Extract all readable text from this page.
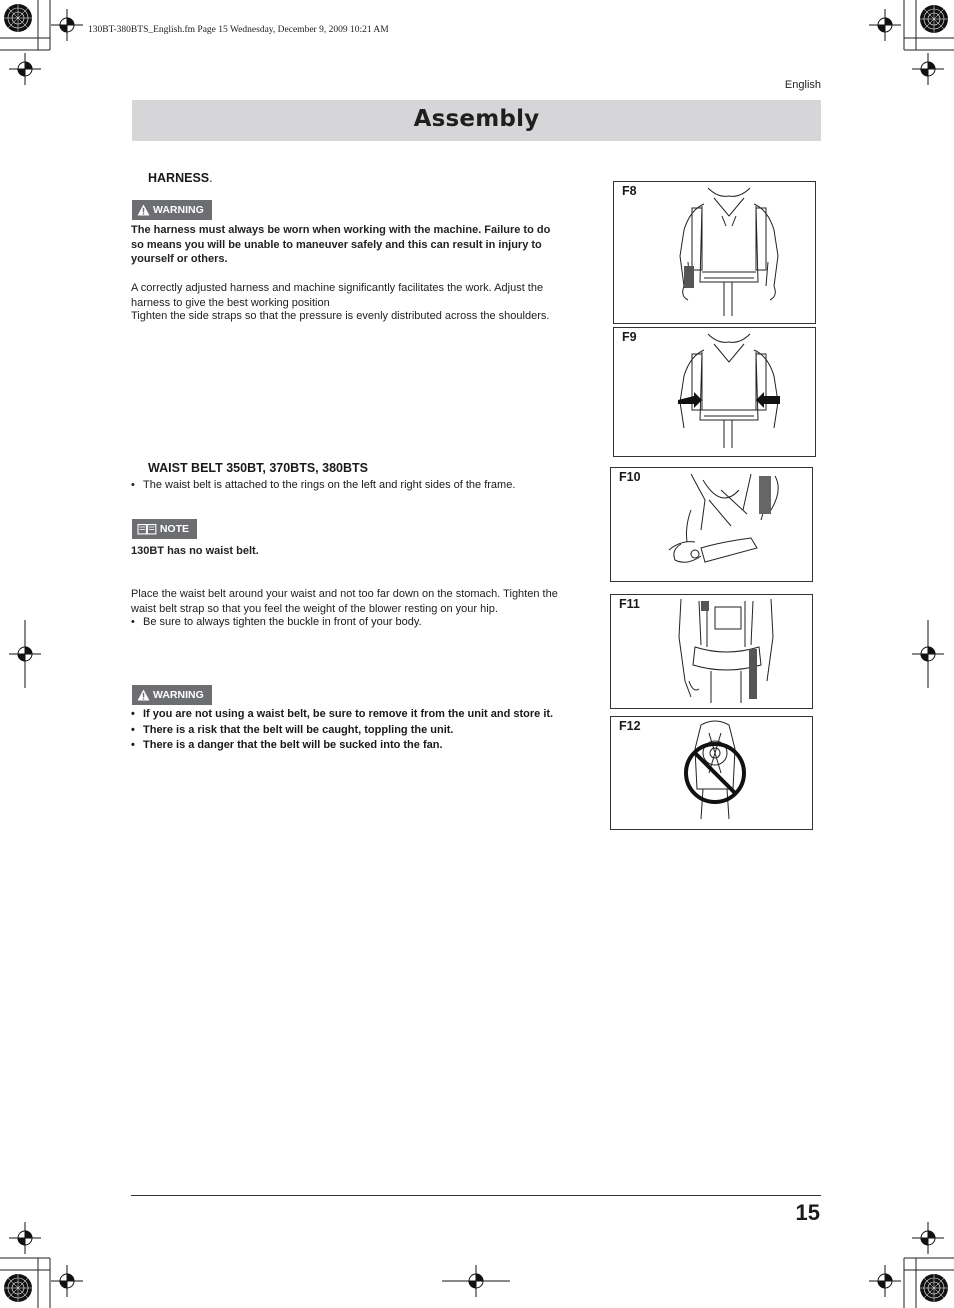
130BT-380BTS_English.fm Page 15 Wednesday, December 9, 2009 10:21 AM
English
Assembly
HARNESS.
WARNING
The harness must always be worn when working with the machine. Failure to do so means you will be unable to maneuver safely and this can result in injury to yourself or others.
A correctly adjusted harness and machine significantly facilitates the work. Adjust the harness to give the best working position
Tighten the side straps so that the pressure is evenly distributed across the shoulders.
WAIST BELT 350BT, 370BTS, 380BTS
• The waist belt is attached to the rings on the left and right sides of the frame.
NOTE
130BT has no waist belt.
Place the waist belt around your waist and not too far down on the stomach. Tighten the waist belt strap so that you feel the weight of the blower resting on your hip.
• Be sure to always tighten the buckle in front of your body.
WARNING
• If you are not using a waist belt, be sure to remove it from the unit and store it.
• There is a risk that the belt will be caught, toppling the unit.
• There is a danger that the belt will be sucked into the fan.
F8
F9
F10
F11
F12
15
